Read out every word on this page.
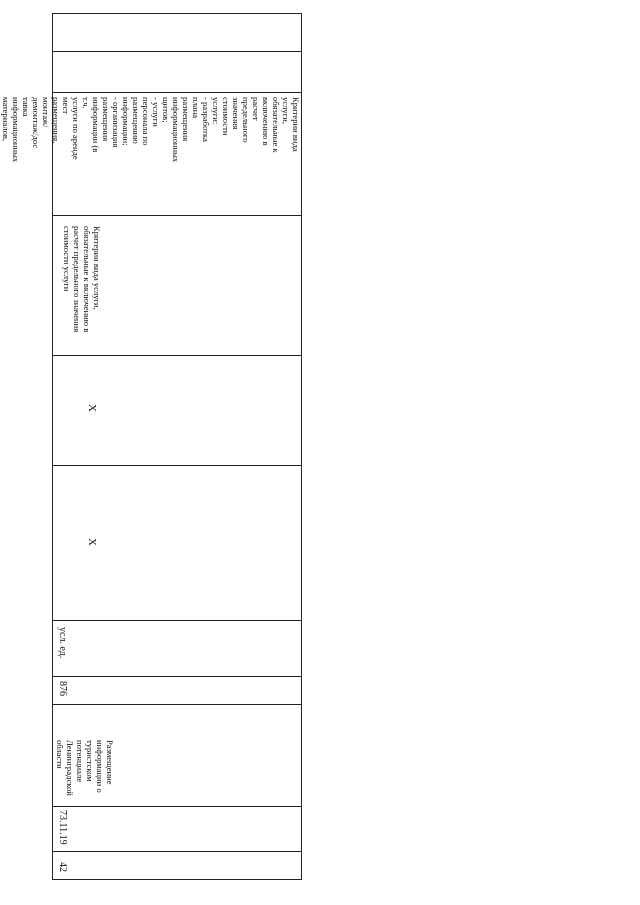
Критерии вида услуги,
обязательные к
включению в расчет
предельного значения
стоимости услуги:
- разработка плана
размещения
информационных
щитов;
- услуги персонала по
размещению
информации;
- организация
размещения
информации (в т.ч.
услуги по аренде мест
размещения,
монтаж/демонтаж/дос
тавка
информационных
материалов,

Критерии вида услуги,
обязательные к включению в
расчет предельного значения
стоимости услуги
X
X
усл. ед.
876
Размещение
информации о
туристском
потенциале
Ленинградской
области
73.11.19
42
